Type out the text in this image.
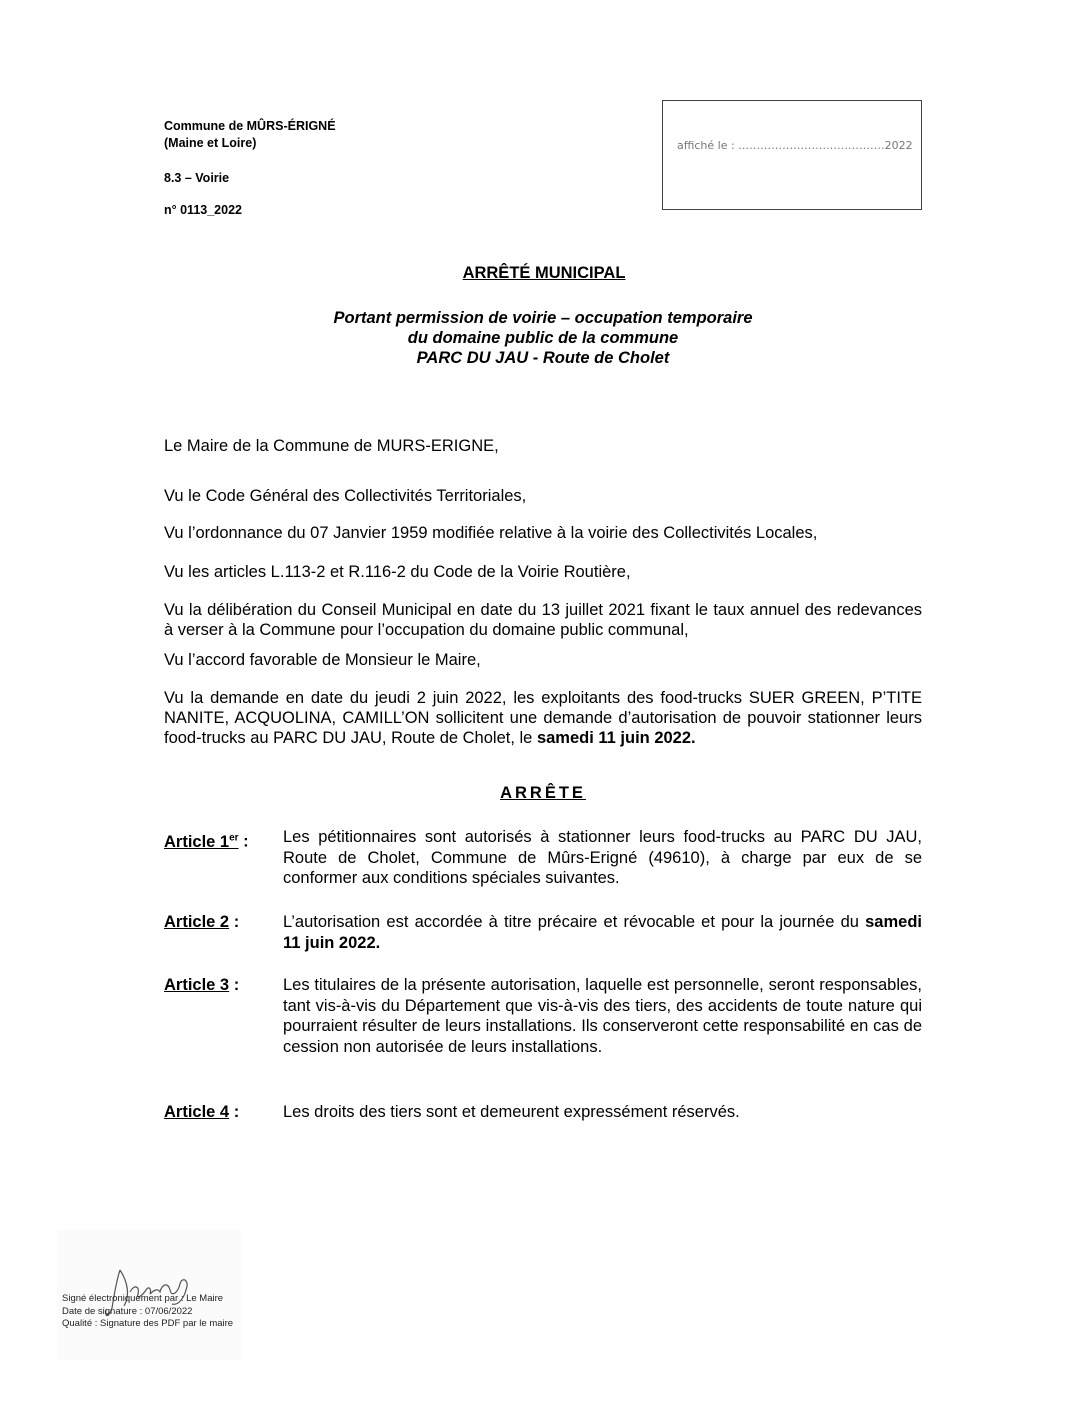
Commune de MÛRS-ÉRIGNÉ
(Maine et Loire)
8.3 – Voirie
n° 0113_2022
affiché le : …………………….……………2022
ARRÊTÉ MUNICIPAL
Portant permission de voirie – occupation temporaire
du domaine public de la commune
PARC DU JAU - Route de Cholet
Le Maire de la Commune de MURS-ERIGNE,
Vu le Code Général des Collectivités Territoriales,
Vu l’ordonnance du 07 Janvier 1959 modifiée relative à la voirie des Collectivités Locales,
Vu les articles L.113-2 et R.116-2 du Code de la Voirie Routière,
Vu la délibération du Conseil Municipal en date du 13 juillet 2021 fixant le taux annuel des redevances à verser à la Commune pour l’occupation du domaine public communal,
Vu l’accord favorable de Monsieur le Maire,
Vu la demande en date du jeudi 2 juin 2022, les exploitants des food-trucks SUER GREEN, P’TITE NANITE, ACQUOLINA, CAMILL’ON sollicitent une demande d’autorisation de pouvoir stationner leurs food-trucks au PARC DU JAU, Route de Cholet, le samedi 11 juin 2022.
ARRÊTE
Article 1er : Les pétitionnaires sont autorisés à stationner leurs food-trucks au PARC DU JAU, Route de Cholet, Commune de Mûrs-Erigné (49610), à charge par eux de se conformer aux conditions spéciales suivantes.
Article 2 :	L’autorisation est accordée à titre précaire et révocable et pour la journée du samedi 11 juin 2022.
Article 3 :	Les titulaires de la présente autorisation, laquelle est personnelle, seront responsables, tant vis-à-vis du Département que vis-à-vis des tiers, des accidents de toute nature qui pourraient résulter de leurs installations. Ils conserveront cette responsabilité en cas de cession non autorisée de leurs installations.
Article 4 :	Les droits des tiers sont et demeurent expressément réservés.
Signé électroniquement par : Le Maire
Date de signature : 07/06/2022
Qualité : Signature des PDF par le maire
